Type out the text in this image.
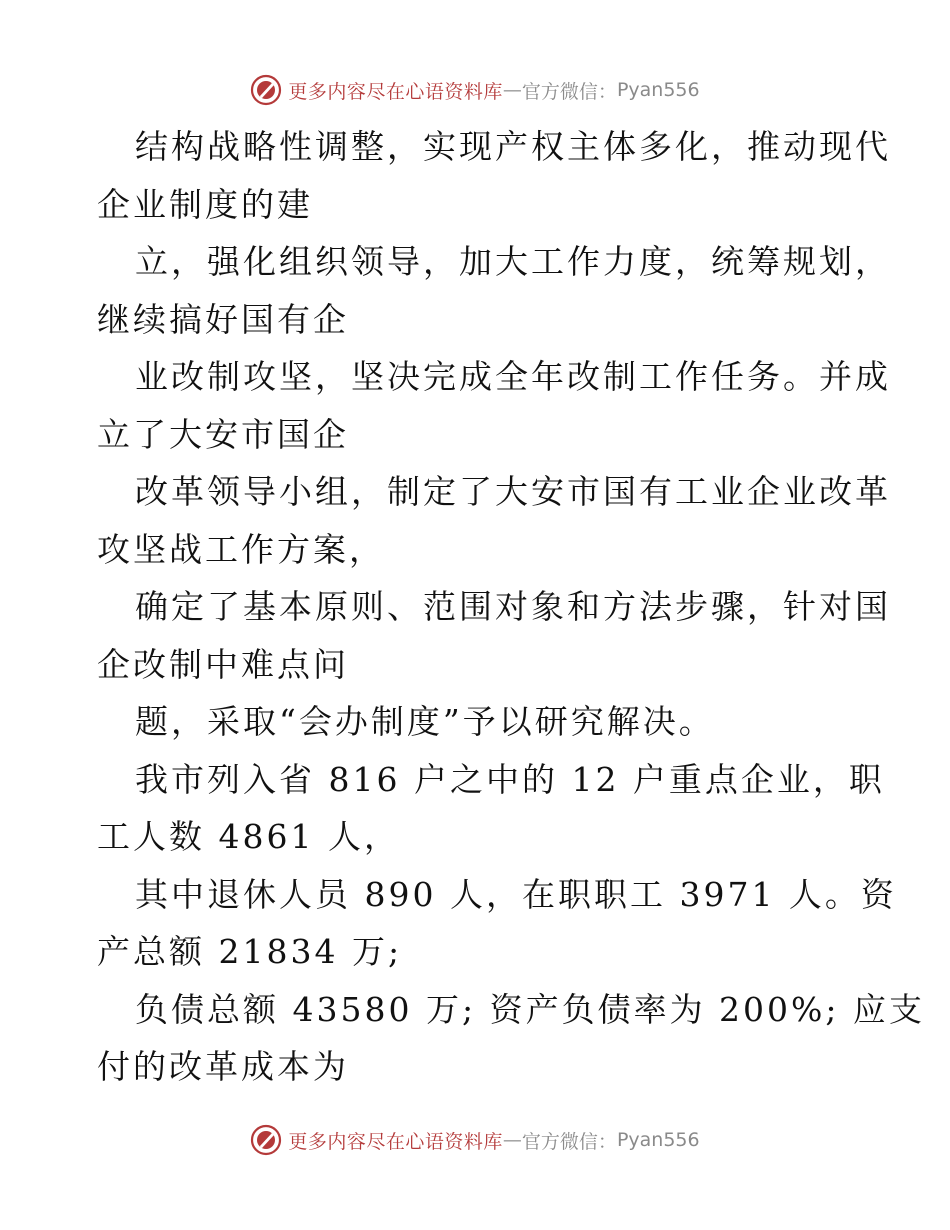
更多内容尽在心语资料库 — 官方微信： Pyan556

结构战略性调整，实现产权主体多化，推动现代
企业制度的建

立，强化组织领导，加大工作力度，统筹规划，
继续搞好国有企

业改制攻坚，坚决完成全年改制工作任务。并成
立了大安市国企

改革领导小组，制定了大安市国有工业企业改革
攻坚战工作方案，

确定了基本原则、范围对象和方法步骤，针对国
企改制中难点问

题，采取“会办制度”予以研究解决。

我市列入省 816 户之中的 12 户重点企业，职
工人数 4861 人，

其中退休人员 890 人，在职职工 3971 人。资
产总额 21834 万;

负债总额 43580 万; 资产负债率为 200%; 应支
付的改革成本为

更多内容尽在心语资料库 — 官方微信： Pyan556
